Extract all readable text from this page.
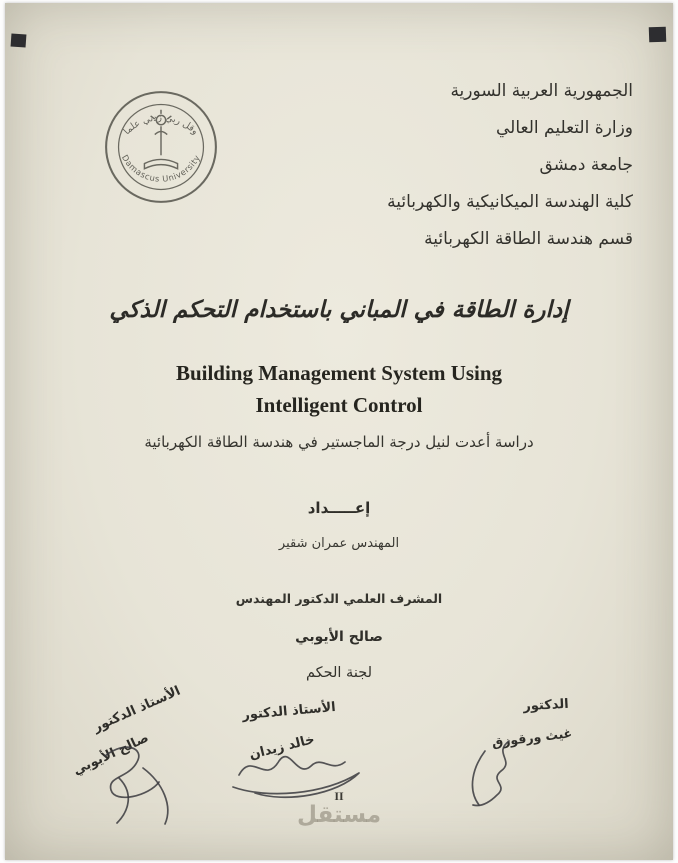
وقل ربي زدني علما
Damascus University
الجمهورية العربية السورية
وزارة التعليم العالي
جامعة دمشق
كلية الهندسة الميكانيكية والكهربائية
قسم هندسة الطاقة الكهربائية
إدارة الطاقة في المباني باستخدام التحكم الذكي
Building Management System Using
Intelligent Control
دراسة أعدت لنيل درجة الماجستير في هندسة الطاقة الكهربائية
إعـــــداد
المهندس عمران شقير
المشرف العلمي الدكتور المهندس
صالح الأيوبي
لجنة الحكم
الأستاذ الدكتور
صالح الأيوبي
الأستاذ الدكتور
خالد زيدان
الدكتور
غيث ورقوزق
II
مستقل
